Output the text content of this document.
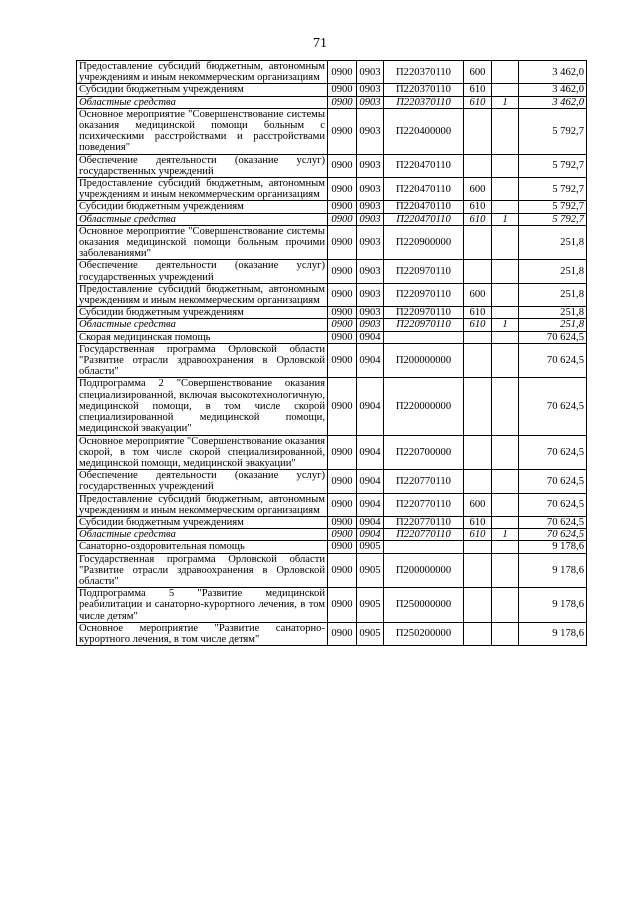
71
Предоставление субсидий бюджетным, автономным учреждениям и иным некоммерческим организациям	0900	0903	П220370110	600		3 462,0
Субсидии бюджетным учреждениям	0900	0903	П220370110	610		3 462,0
Областные средства	0900	0903	П220370110	610	1	3 462,0
Основное мероприятие "Совершенствование системы оказания медицинской помощи больным с психическими расстройствами и расстройствами поведения"	0900	0903	П220400000			5 792,7
Обеспечение деятельности (оказание услуг) государственных учреждений	0900	0903	П220470110			5 792,7
Предоставление субсидий бюджетным, автономным учреждениям и иным некоммерческим организациям	0900	0903	П220470110	600		5 792,7
Субсидии бюджетным учреждениям	0900	0903	П220470110	610		5 792,7
Областные средства	0900	0903	П220470110	610	1	5 792,7
Основное мероприятие "Совершенствование системы оказания медицинской помощи больным прочими заболеваниями"	0900	0903	П220900000			251,8
Обеспечение деятельности (оказание услуг) государственных учреждений	0900	0903	П220970110			251,8
Предоставление субсидий бюджетным, автономным учреждениям и иным некоммерческим организациям	0900	0903	П220970110	600		251,8
Субсидии бюджетным учреждениям	0900	0903	П220970110	610		251,8
Областные средства	0900	0903	П220970110	610	1	251,8
Скорая медицинская помощь	0900	0904				70 624,5
Государственная программа Орловской области "Развитие отрасли здравоохранения в Орловской области"	0900	0904	П200000000			70 624,5
Подпрограмма 2 "Совершенствование оказания специализированной, включая высокотехнологичную, медицинской помощи, в том числе скорой специализированной медицинской помощи, медицинской эвакуации"	0900	0904	П220000000			70 624,5
Основное мероприятие "Совершенствование оказания скорой, в том числе скорой специализированной, медицинской помощи, медицинской эвакуации"	0900	0904	П220700000			70 624,5
Обеспечение деятельности (оказание услуг) государственных учреждений	0900	0904	П220770110			70 624,5
Предоставление субсидий бюджетным, автономным учреждениям и иным некоммерческим организациям	0900	0904	П220770110	600		70 624,5
Субсидии бюджетным учреждениям	0900	0904	П220770110	610		70 624,5
Областные средства	0900	0904	П220770110	610	1	70 624,5
Санаторно-оздоровительная помощь	0900	0905				9 178,6
Государственная программа Орловской области "Развитие отрасли здравоохранения в Орловской области"	0900	0905	П200000000			9 178,6
Подпрограмма 5 "Развитие медицинской реабилитации и санаторно-курортного лечения, в том числе детям"	0900	0905	П250000000			9 178,6
Основное мероприятие "Развитие санаторно-курортного лечения, в том числе детям"	0900	0905	П250200000			9 178,6
